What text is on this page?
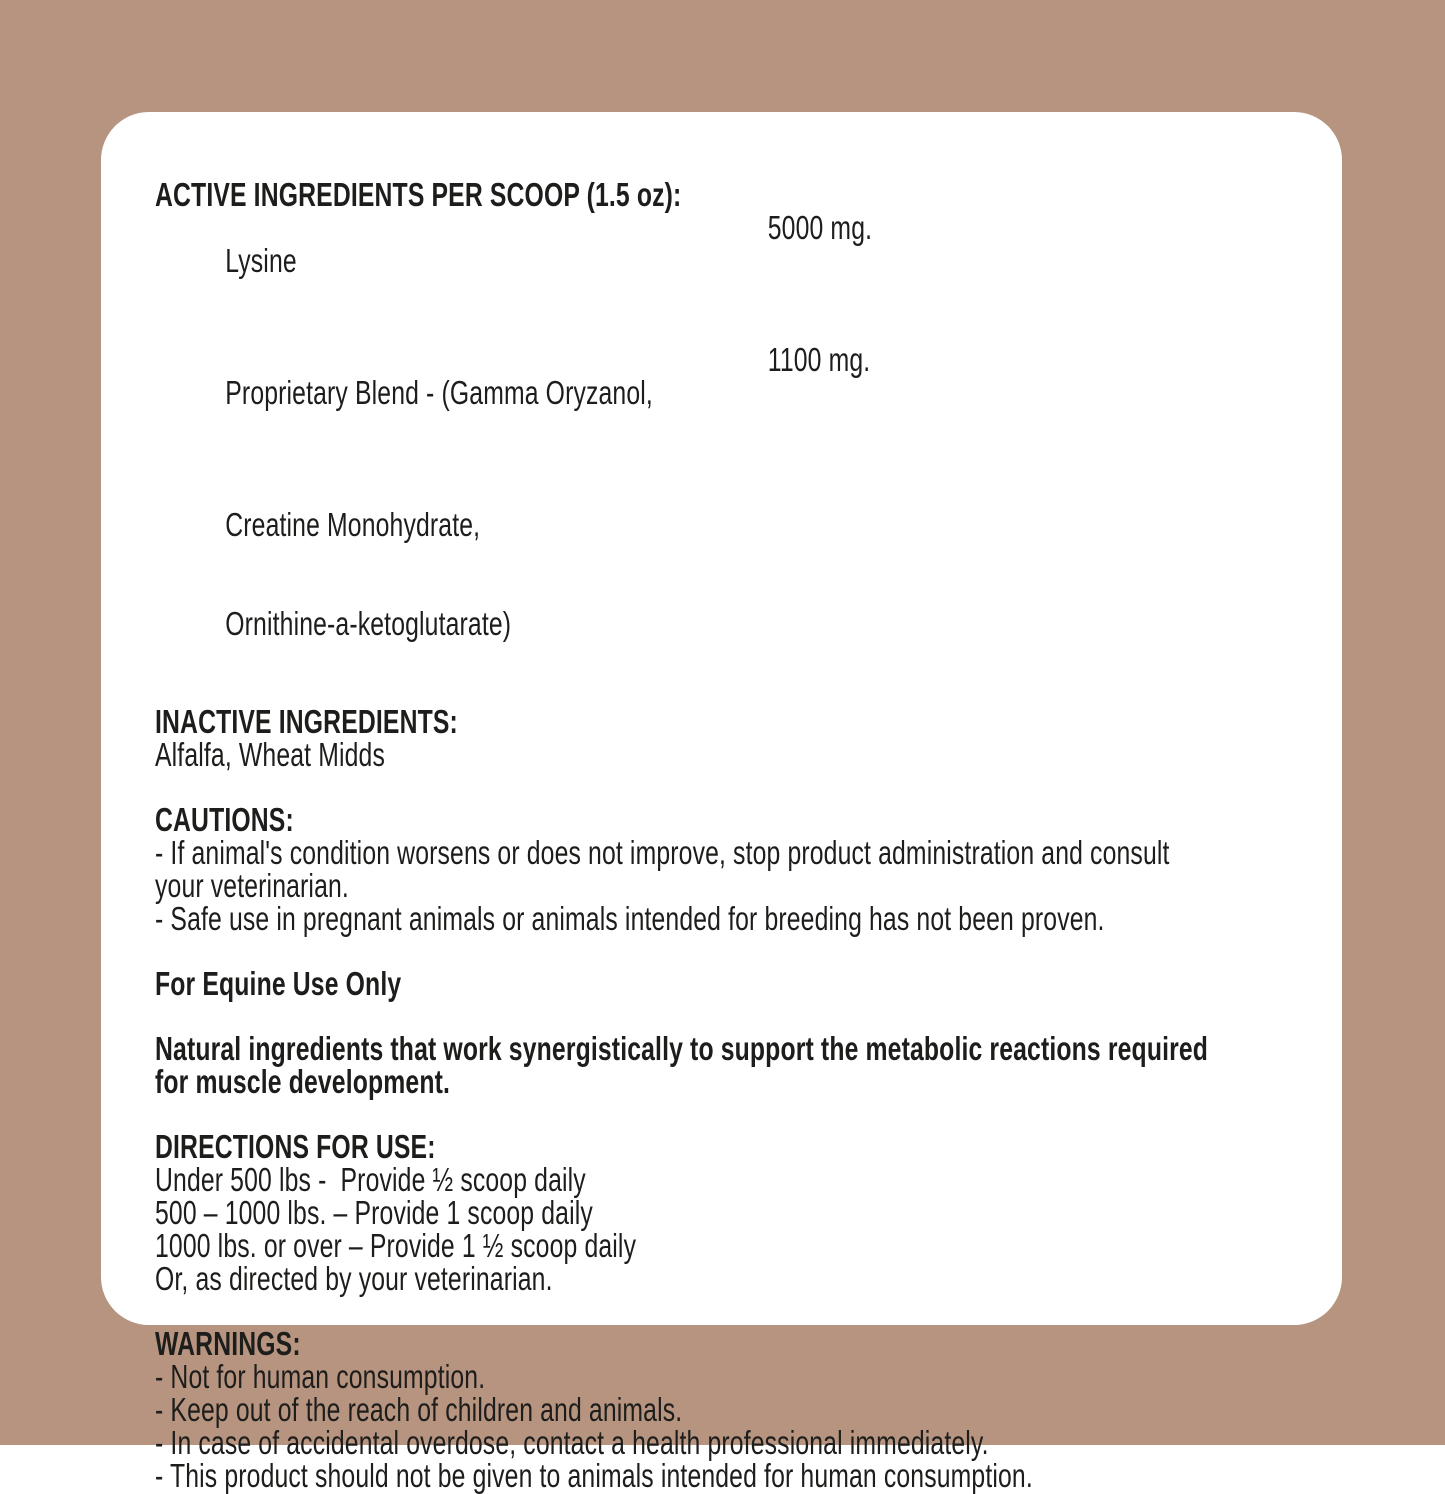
ACTIVE INGREDIENTS PER SCOOP (1.5 oz):

Lysine

5000 mg.

Proprietary Blend - (Gamma Oryzanol,

1100 mg.

Creatine Monohydrate,

Ornithine-a-ketoglutarate)

INACTIVE INGREDIENTS:
Alfalfa, Wheat Midds
CAUTIONS:
- If animal's condition worsens or does not improve, stop product administration and consult
your veterinarian.
- Safe use in pregnant animals or animals intended for breeding has not been proven.
For Equine Use Only
Natural ingredients that work synergistically to support the metabolic reactions required
for muscle development.
DIRECTIONS FOR USE:
Under 500 lbs -  Provide ½ scoop daily
500 – 1000 lbs. – Provide 1 scoop daily
1000 lbs. or over – Provide 1 ½ scoop daily
Or, as directed by your veterinarian.
WARNINGS:
- Not for human consumption.
- Keep out of the reach of children and animals.
- In case of accidental overdose, contact a health professional immediately.
- This product should not be given to animals intended for human consumption.
